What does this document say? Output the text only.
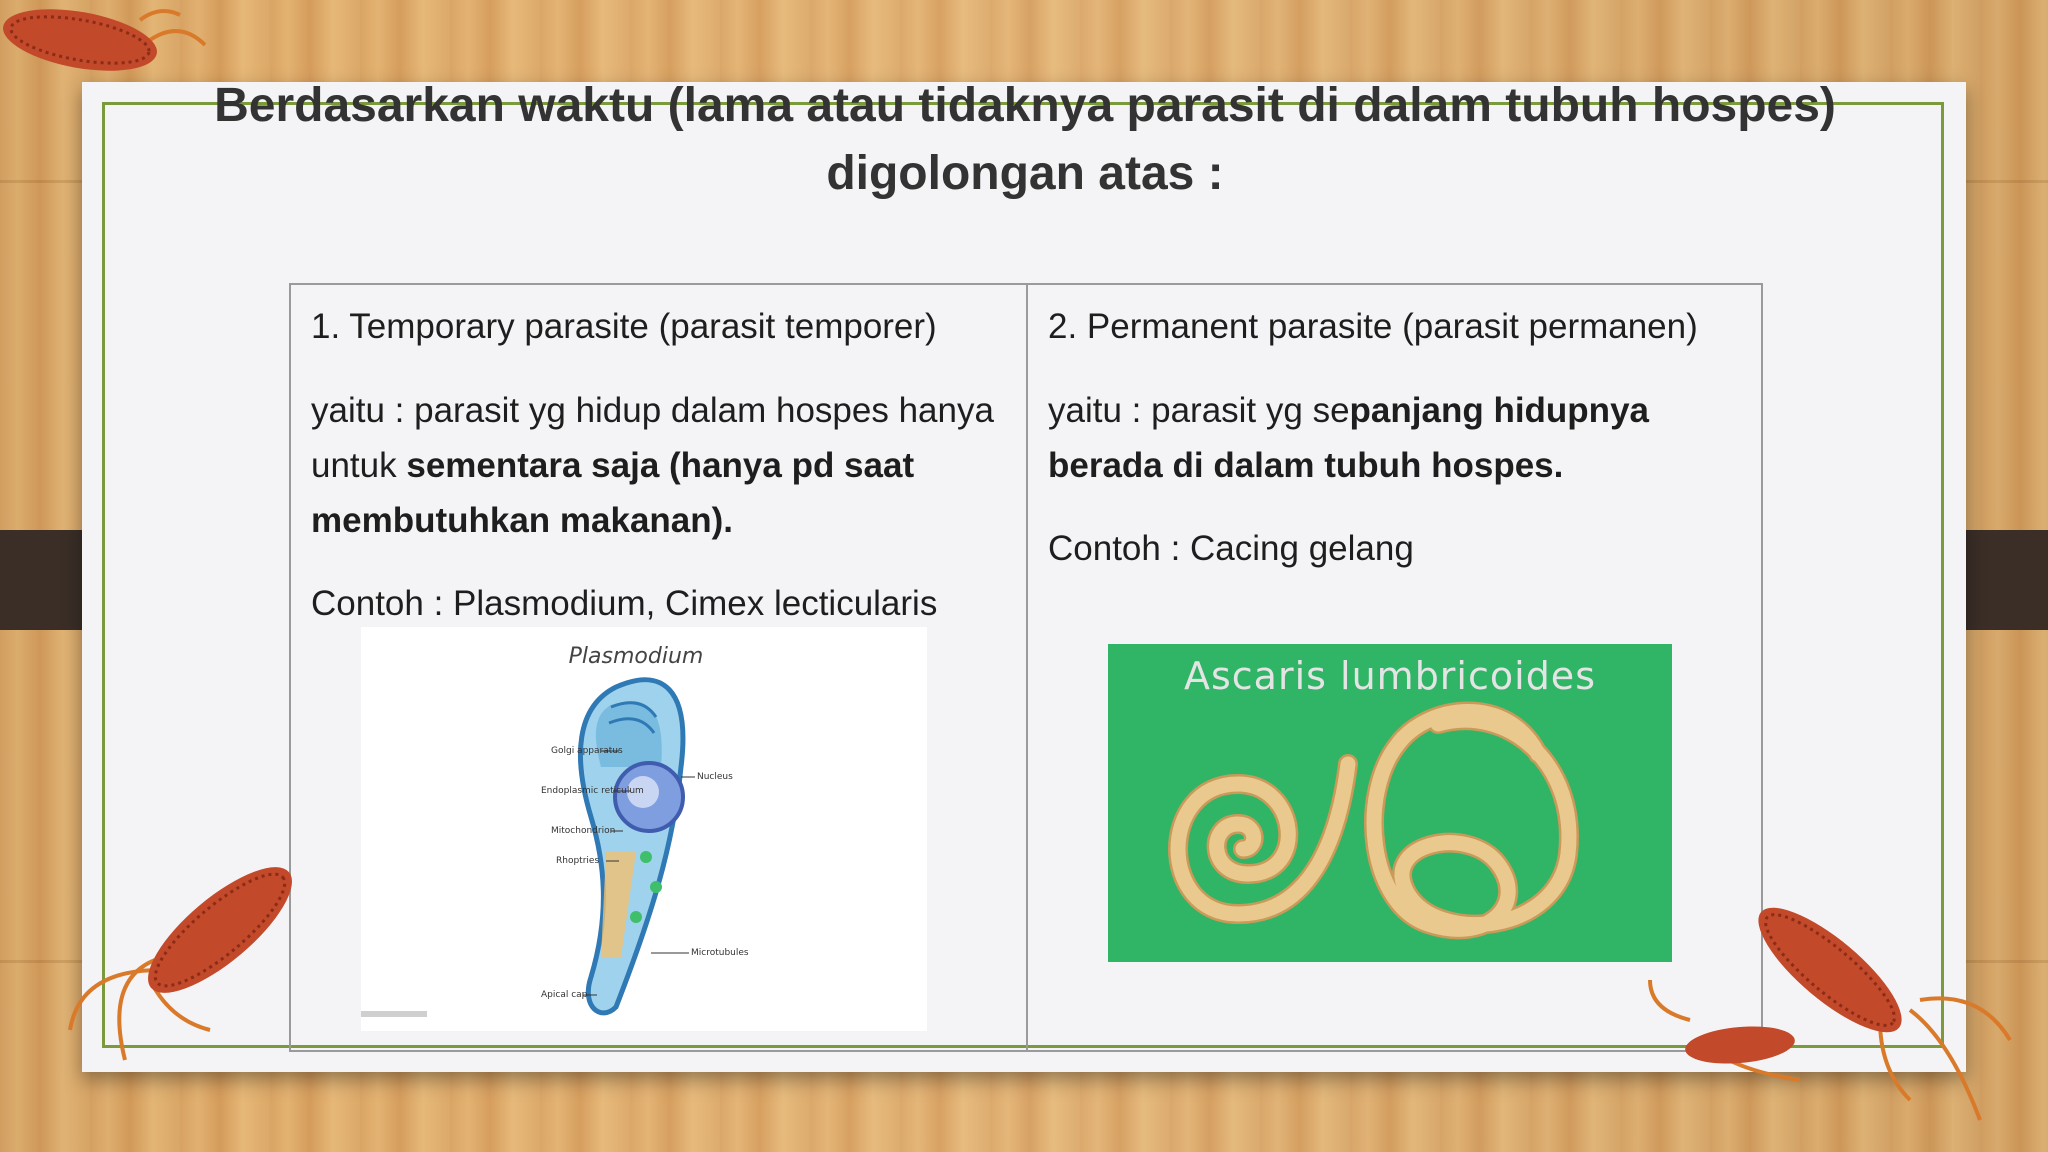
Berdasarkan waktu (lama atau tidaknya parasit di dalam tubuh hospes)
digolongan atas :
1. Temporary parasite (parasit temporer)
yaitu : parasit yg hidup dalam hospes hanya untuk sementara saja (hanya pd saat membutuhkan makanan).
Contoh : Plasmodium, Cimex lecticularis
Plasmodium
Golgi apparatus
Endoplasmic reticulum
Mitochondrion
Rhoptries
Nucleus
Microtubules
Apical cap
2. Permanent parasite (parasit permanen)
yaitu : parasit yg sepanjang hidupnya berada di dalam tubuh hospes.
Contoh : Cacing gelang
Ascaris lumbricoides
